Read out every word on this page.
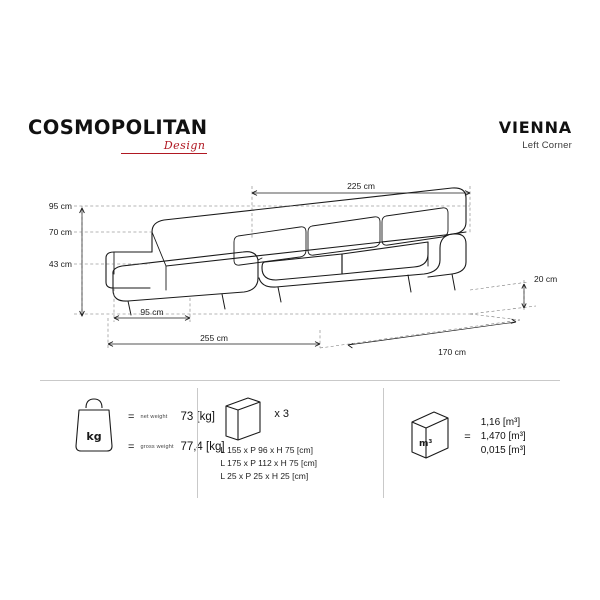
COSMOPOLITAN
Design
VIENNA
Left Corner
225 cm
95 cm
70 cm
43 cm
95 cm
255 cm
170 cm
20 cm
kg
= net weight	73 [kg]
= gross weight 77,4 [kg]
x 3
L 155 x P 96 x H 75 [cm]
L 175 x P 112 x H 75 [cm]
L 25 x P 25 x H 25 [cm]
m³
=
1,16 [m³]
1,470 [m³]
0,015 [m³]
